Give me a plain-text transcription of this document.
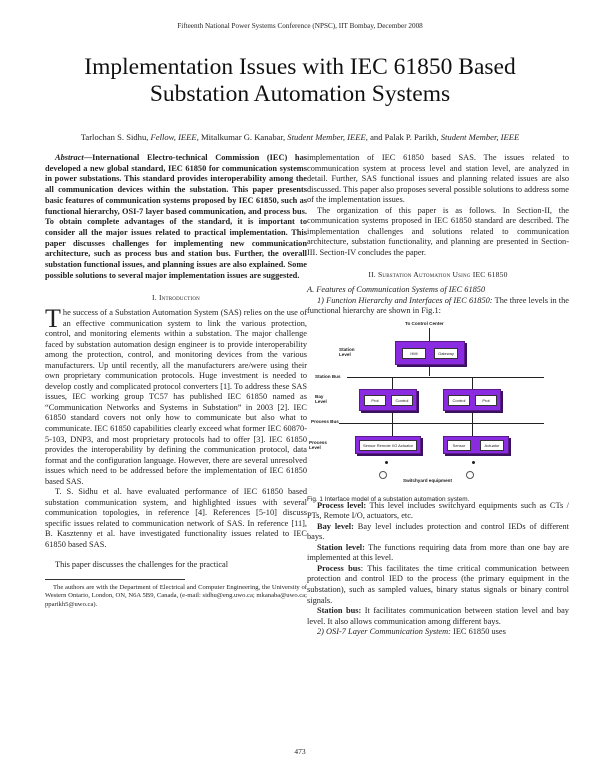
Fifteenth National Power Systems Conference (NPSC), IIT Bombay, December 2008
Implementation Issues with IEC 61850 Based
Substation Automation Systems
Tarlochan S. Sidhu, Fellow, IEEE, Mitalkumar G. Kanabar, Student Member, IEEE, and Palak P. Parikh, Student Member, IEEE

Abstract—International Electro-technical Commission (IEC) has developed a new global standard, IEC 61850 for communication systems in power substations. This standard provides interoperability among the all communication devices within the substation. This paper presents basic features of communication systems proposed by IEC 61850, such as functional hierarchy, OSI-7 layer based communication, and process bus. To obtain complete advantages of the standard, it is important to consider all the major issues related to practical implementation. This paper discusses challenges for implementing new communication architecture, such as process bus and station bus. Further, the overall substation functional issues, and planning issues are also explained. Some possible solutions to several major implementation issues are suggested.

I. Introduction

The success of a Substation Automation System (SAS) relies on the use of an effective communication system to link the various protection, control, and monitoring elements within a substation. The major challenge faced by substation automation design engineer is to provide interoperability among the protection, control, and monitoring devices from the various manufacturers. Up until recently, all the manufacturers are/were using their own proprietary communication protocols. Huge investment is needed to develop costly and complicated protocol converters [1]. To address these SAS issues, IEC working group TC57 has published IEC 61850 named as “Communication Networks and Systems in Substation” in 2003 [2]. IEC 61850 standard covers not only how to communicate but also what to communicate. IEC 61850 capabilities clearly exceed what former IEC 60870-5-103, DNP3, and most proprietary protocols had to offer [3]. IEC 61850 provides the interoperability by defining the communication protocol, data format and the configuration language. However, there are several unresolved issues which need to be addressed before the implementation of IEC 61850 based SAS.

T. S. Sidhu et al. have evaluated performance of IEC 61850 based substation communication system, and highlighted issues with several communication topologies, in reference [4]. References [5-10] discuss specific issues related to communication network of SAS. In reference [11], B. Kasztenny et al. have investigated functionality issues related to IEC 61850 based SAS.

This paper discusses the challenges for the practical

The authors are with the Department of Electrical and Computer Engineering, the University of Western Ontario, London, ON, N6A 5B9, Canada, (e-mail: sidhu@eng.uwo.ca; mkanaba@uwo.ca; pparikh5@uwo.ca).

implementation of IEC 61850 based SAS. The issues related to communication system at process level and station level, are analyzed in detail. Further, SAS functional issues and planning related issues are also discussed. This paper also proposes several possible solutions to address some of the implementation issues.

The organization of this paper is as follows. In Section-II, the communication systems proposed in IEC 61850 standard are described. The implementation challenges and solutions related to communication architecture, substation functionality, and planning are presented in Section-III. Section-IV concludes the paper.

II. Substation Automation Using IEC 61850

A. Features of Communication Systems of IEC 61850

1) Function Hierarchy and Interfaces of IEC 61850: The three levels in the functional hierarchy are shown in Fig.1:

To Control Center
Station Level	HMI	Gateway
Station Bus
Bay Level	Prot	Control	Control	Prot
Process Bus
Process Level	Sensor Remote I/O Actuator	Sensor	Actuator
Switchyard equipment
Fig. 1 Interface model of a substation automation system.

Process level: This level includes switchyard equipments such as CTs / PTs, Remote I/O, actuators, etc.

Bay level: Bay level includes protection and control IEDs of different bays.

Station level: The functions requiring data from more than one bay are implemented at this level.

Process bus: This facilitates the time critical communication between protection and control IED to the process (the primary equipment in the substation), such as sampled values, binary status signals or binary control signals.

Station bus: It facilitates communication between station level and bay level. It also allows communication among different bays.

2) OSI-7 Layer Communication System: IEC 61850 uses

473
